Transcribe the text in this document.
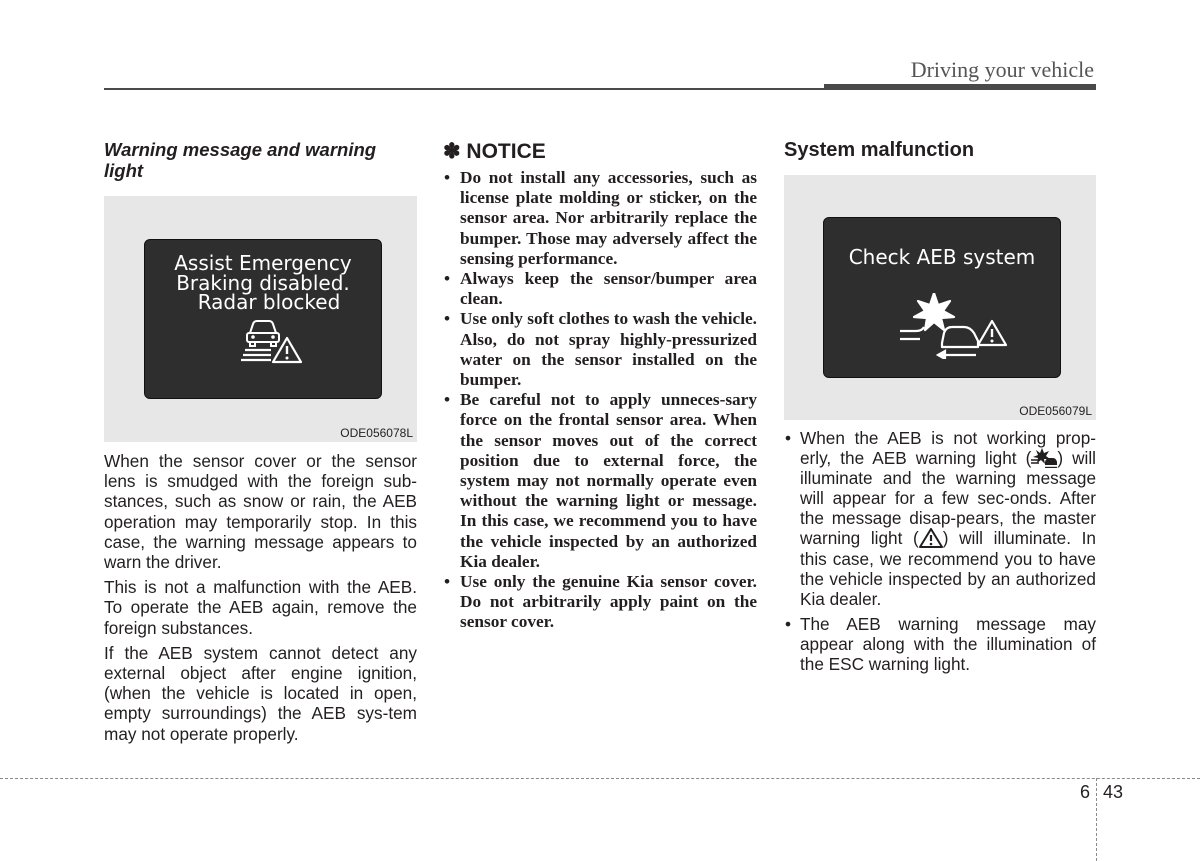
Driving your vehicle
Warning message and warning light
Assist Emergency
Braking disabled.
Radar blocked
ODE056078L

When the sensor cover or the sensor lens is smudged with the foreign sub-stances, such as snow or rain, the AEB operation may temporarily stop. In this case, the warning message appears to warn the driver.

This is not a malfunction with the AEB. To operate the AEB again, remove the foreign substances.

If the AEB system cannot detect any external object after engine ignition, (when the vehicle is located in open, empty surroundings) the AEB sys-tem may not operate properly.

✽ NOTICE
• Do not install any accessories, such as license plate molding or sticker, on the sensor area. Nor arbitrarily replace the bumper. Those may adversely affect the sensing performance.
• Always keep the sensor/bumper area clean.
• Use only soft clothes to wash the vehicle. Also, do not spray highly-pressurized water on the sensor installed on the bumper.
• Be careful not to apply unneces-sary force on the frontal sensor area. When the sensor moves out of the correct position due to external force, the system may not normally operate even without the warning light or message. In this case, we recommend you to have the vehicle inspected by an authorized Kia dealer.
• Use only the genuine Kia sensor cover. Do not arbitrarily apply paint on the sensor cover.
System malfunction
Check AEB system
ODE056079L
• When the AEB is not working prop-erly, the AEB warning light ( ) will illuminate and the warning message will appear for a few sec-onds. After the message disap-pears, the master warning light ( ) will illuminate. In this case, we recommend you to have the vehicle inspected by an authorized Kia dealer.
• The AEB warning message may appear along with the illumination of the ESC warning light.
6 43
